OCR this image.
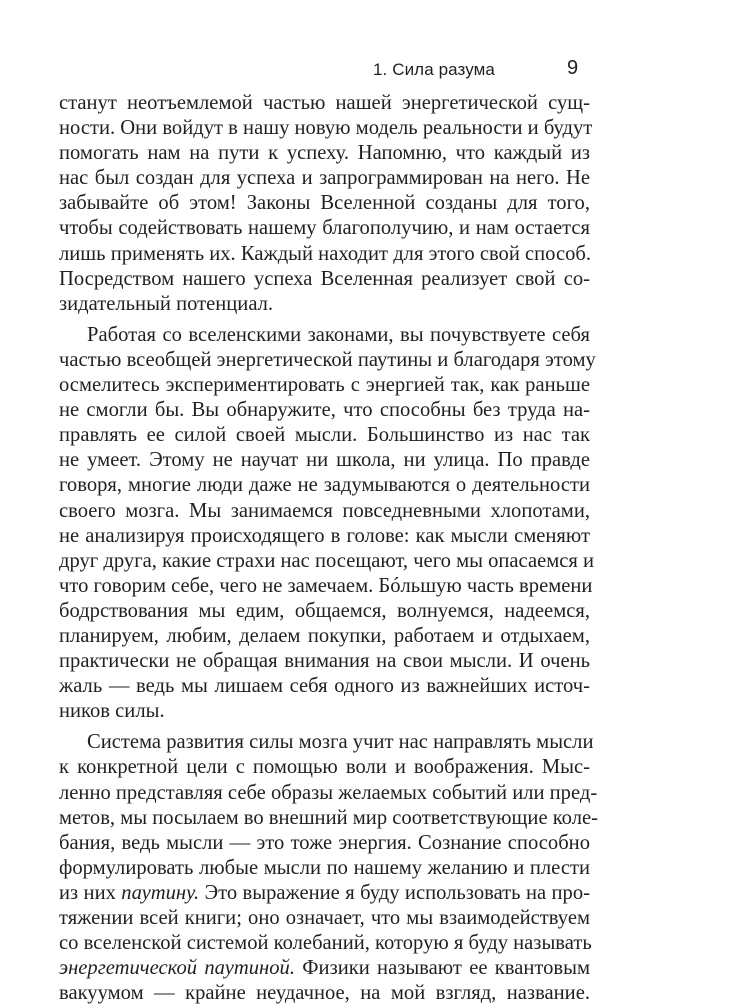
1. Сила разума	9
станут неотъемлемой частью нашей энергетической сущ-
ности. Они войдут в нашу новую модель реальности и будут
помогать нам на пути к успеху. Напомню, что каждый из
нас был создан для успеха и запрограммирован на него. Не
забывайте об этом! Законы Вселенной созданы для того,
чтобы содействовать нашему благополучию, и нам остается
лишь применять их. Каждый находит для этого свой способ.
Посредством нашего успеха Вселенная реализует свой со-
зидательный потенциал.
Работая со вселенскими законами, вы почувствуете себя
частью всеобщей энергетической паутины и благодаря этому
осмелитесь экспериментировать с энергией так, как раньше
не смогли бы. Вы обнаружите, что способны без труда на-
правлять ее силой своей мысли. Большинство из нас так
не умеет. Этому не научат ни школа, ни улица. По правде
говоря, многие люди даже не задумываются о деятельности
своего мозга. Мы занимаемся повседневными хлопотами,
не анализируя происходящего в голове: как мысли сменяют
друг друга, какие страхи нас посещают, чего мы опасаемся и
что говорим себе, чего не замечаем. Бóльшую часть времени
бодрствования мы едим, общаемся, волнуемся, надеемся,
планируем, любим, делаем покупки, работаем и отдыхаем,
практически не обращая внимания на свои мысли. И очень
жаль — ведь мы лишаем себя одного из важнейших источ-
ников силы.
Система развития силы мозга учит нас направлять мысли
к конкретной цели с помощью воли и воображения. Мыс-
ленно представляя себе образы желаемых событий или пред-
метов, мы посылаем во внешний мир соответствующие коле-
бания, ведь мысли — это тоже энергия. Сознание способно
формулировать любые мысли по нашему желанию и плести
из них паутину. Это выражение я буду использовать на про-
тяжении всей книги; оно означает, что мы взаимодействуем
со вселенской системой колебаний, которую я буду называть
энергетической паутиной. Физики называют ее квантовым
вакуумом — крайне неудачное, на мой взгляд, название.
